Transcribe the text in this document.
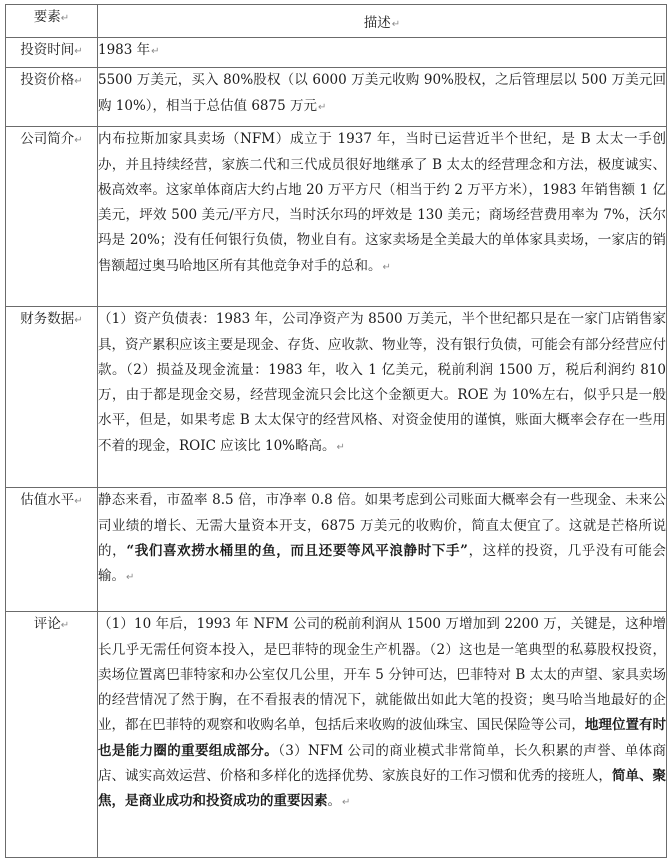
要素↵	描述↵
投资时间↵	1983 年↵
投资价格↵	5500 万美元，买入 80%股权（以 6000 万美元收购 90%股权，之后管理层以 500 万美元回购 10%），相当于总估值 6875 万元↵
公司简介↵	内布拉斯加家具卖场（NFM）成立于 1937 年，当时已运营近半个世纪，是 B 太太一手创办，并且持续经营，家族二代和三代成员很好地继承了 B 太太的经营理念和方法，极度诚实、极高效率。这家单体商店大约占地 20 万平方尺（相当于约 2 万平方米），1983 年销售额 1 亿美元，坪效 500 美元/平方尺，当时沃尔玛的坪效是 130 美元；商场经营费用率为 7%，沃尔玛是 20%；没有任何银行负债，物业自有。这家卖场是全美最大的单体家具卖场，一家店的销售额超过奥马哈地区所有其他竞争对手的总和。↵
财务数据↵	（1）资产负债表：1983 年，公司净资产为 8500 万美元，半个世纪都只是在一家门店销售家具，资产累积应该主要是现金、存货、应收款、物业等，没有银行负债，可能会有部分经营应付款。（2）损益及现金流量：1983 年，收入 1 亿美元，税前利润 1500 万，税后利润约 810 万，由于都是现金交易，经营现金流只会比这个金额更大。ROE 为 10%左右，似乎只是一般水平，但是，如果考虑 B 太太保守的经营风格、对资金使用的谨慎，账面大概率会存在一些用不着的现金，ROIC 应该比 10%略高。↵
估值水平↵	静态来看，市盈率 8.5 倍，市净率 0.8 倍。如果考虑到公司账面大概率会有一些现金、未来公司业绩的增长、无需大量资本开支，6875 万美元的收购价，简直太便宜了。这就是芒格所说的，“我们喜欢捞水桶里的鱼，而且还要等风平浪静时下手”，这样的投资，几乎没有可能会输。↵
评论↵	（1）10 年后，1993 年 NFM 公司的税前利润从 1500 万增加到 2200 万，关键是，这种增长几乎无需任何资本投入，是巴菲特的现金生产机器。（2）这也是一笔典型的私募股权投资，卖场位置离巴菲特家和办公室仅几公里，开车 5 分钟可达，巴菲特对 B 太太的声望、家具卖场的经营情况了然于胸，在不看报表的情况下，就能做出如此大笔的投资；奥马哈当地最好的企业，都在巴菲特的观察和收购名单，包括后来收购的波仙珠宝、国民保险等公司，地理位置有时也是能力圈的重要组成部分。（3）NFM 公司的商业模式非常简单，长久积累的声誉、单体商店、诚实高效运营、价格和多样化的选择优势、家族良好的工作习惯和优秀的接班人，简单、聚焦，是商业成功和投资成功的重要因素。↵
